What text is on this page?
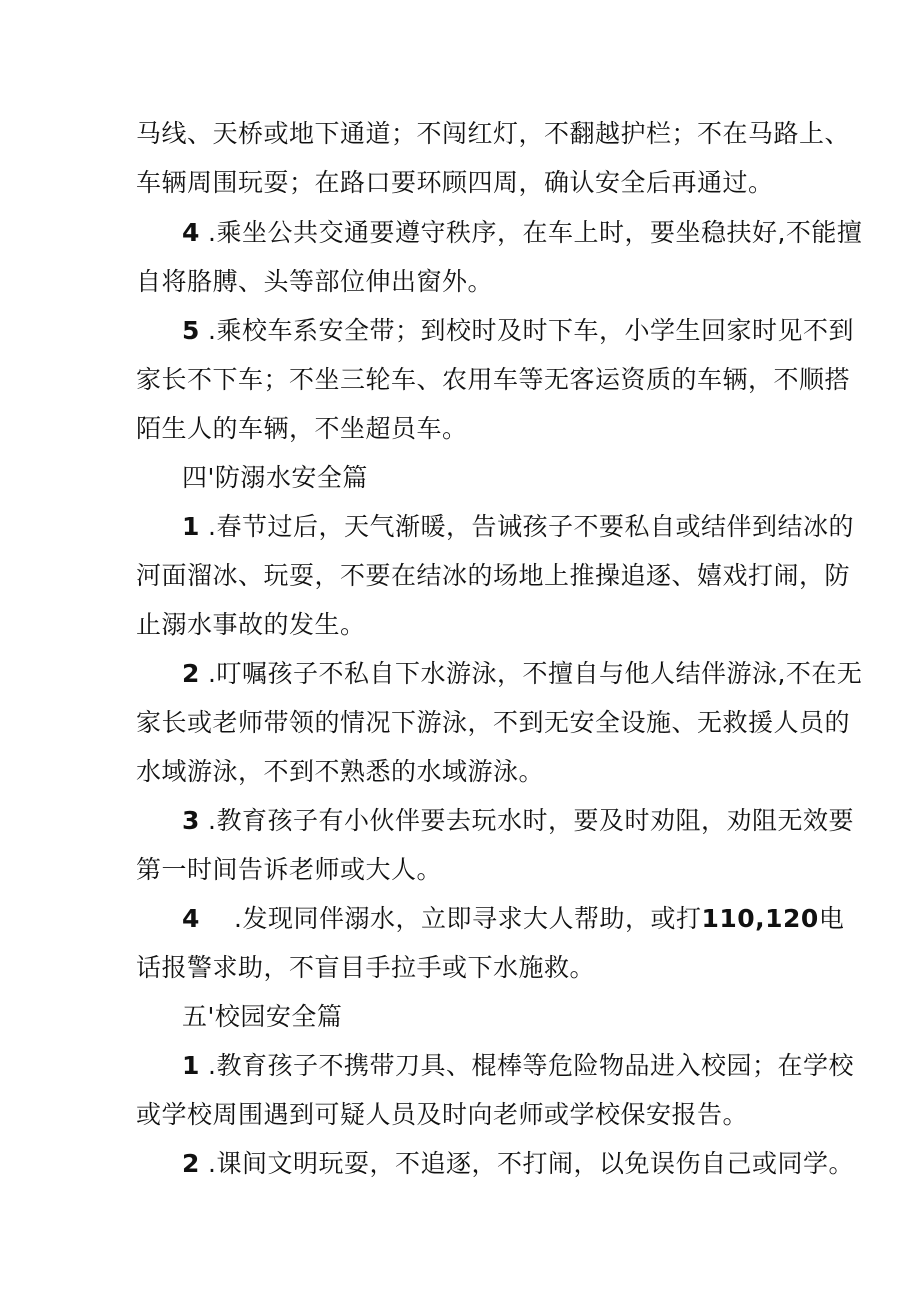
马线、天桥或地下通道；不闯红灯，不翻越护栏；不在马路上、
车辆周围玩耍；在路口要环顾四周，确认安全后再通过。
4 .乘坐公共交通要遵守秩序，在车上时，要坐稳扶好,不能擅
自将胳膊、头等部位伸出窗外。
5 .乘校车系安全带；到校时及时下车，小学生回家时见不到
家长不下车；不坐三轮车、农用车等无客运资质的车辆，不顺搭
陌生人的车辆，不坐超员车。
四'防溺水安全篇
1 .春节过后，天气渐暖，告诫孩子不要私自或结伴到结冰的
河面溜冰、玩耍，不要在结冰的场地上推操追逐、嬉戏打闹，防
止溺水事故的发生。
2 .叮嘱孩子不私自下水游泳，不擅自与他人结伴游泳,不在无
家长或老师带领的情况下游泳，不到无安全设施、无救援人员的
水域游泳，不到不熟悉的水域游泳。
3 .教育孩子有小伙伴要去玩水时，要及时劝阻，劝阻无效要
第一时间告诉老师或大人。
4 .发现同伴溺水，立即寻求大人帮助，或打110,120电
话报警求助，不盲目手拉手或下水施救。
五'校园安全篇
1 .教育孩子不携带刀具、棍棒等危险物品进入校园；在学校
或学校周围遇到可疑人员及时向老师或学校保安报告。
2 .课间文明玩耍，不追逐，不打闹，以免误伤自己或同学。
